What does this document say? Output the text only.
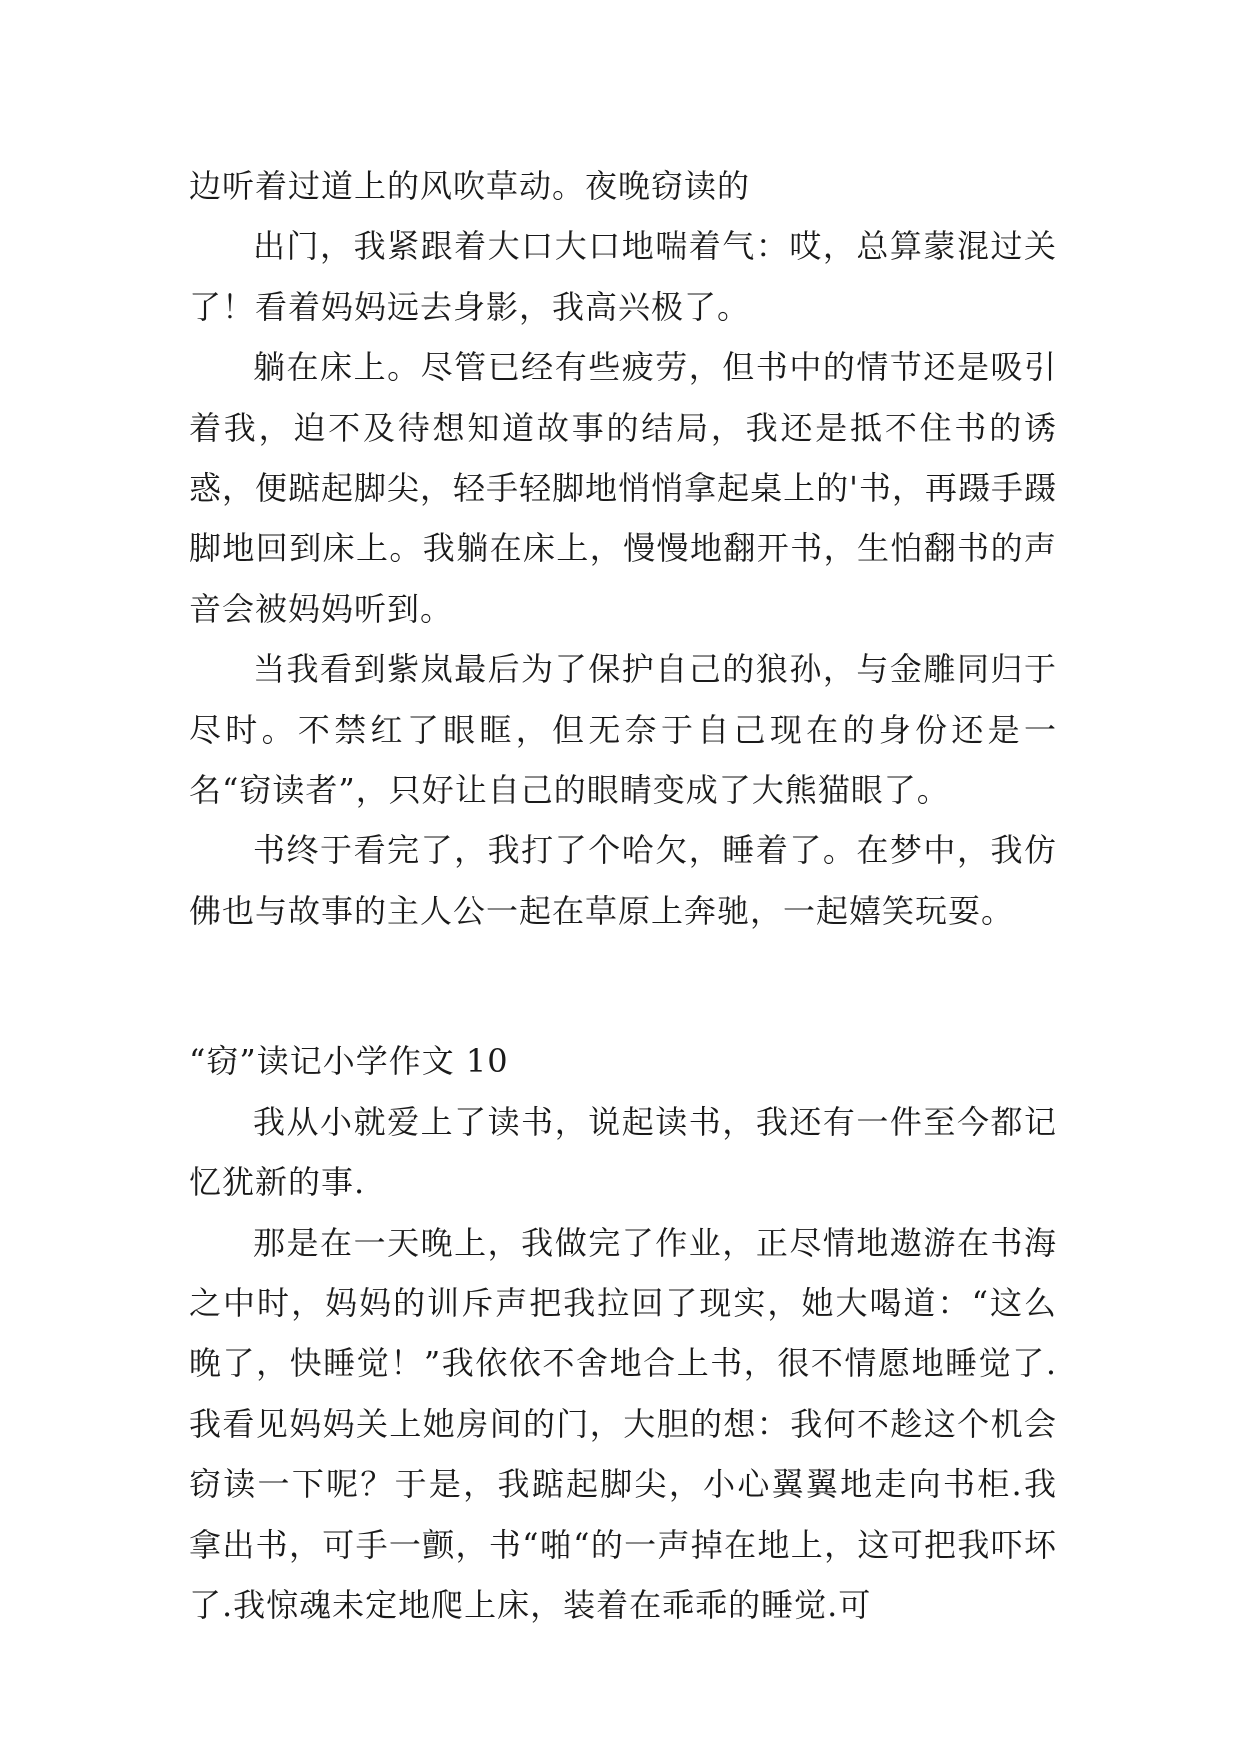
边听着过道上的风吹草动。夜晚窃读的

出门，我紧跟着大口大口地喘着气：哎，总算蒙混过关了！看着妈妈远去身影，我高兴极了。

躺在床上。尽管已经有些疲劳，但书中的情节还是吸引着我，迫不及待想知道故事的结局，我还是抵不住书的诱惑，便踮起脚尖，轻手轻脚地悄悄拿起桌上的'书，再蹑手蹑脚地回到床上。我躺在床上，慢慢地翻开书，生怕翻书的声音会被妈妈听到。

当我看到紫岚最后为了保护自己的狼孙，与金雕同归于尽时。不禁红了眼眶，但无奈于自己现在的身份还是一名“窃读者”，只好让自己的眼睛变成了大熊猫眼了。

书终于看完了，我打了个哈欠，睡着了。在梦中，我仿佛也与故事的主人公一起在草原上奔驰，一起嬉笑玩耍。

“窃”读记小学作文 10

我从小就爱上了读书，说起读书，我还有一件至今都记忆犹新的事.

那是在一天晚上，我做完了作业，正尽情地遨游在书海之中时，妈妈的训斥声把我拉回了现实，她大喝道：“这么晚了，快睡觉！”我依依不舍地合上书，很不情愿地睡觉了.我看见妈妈关上她房间的门，大胆的想：我何不趁这个机会窃读一下呢？于是，我踮起脚尖，小心翼翼地走向书柜.我拿出书，可手一颤，书“啪“的一声掉在地上，这可把我吓坏了.我惊魂未定地爬上床，装着在乖乖的睡觉.可
